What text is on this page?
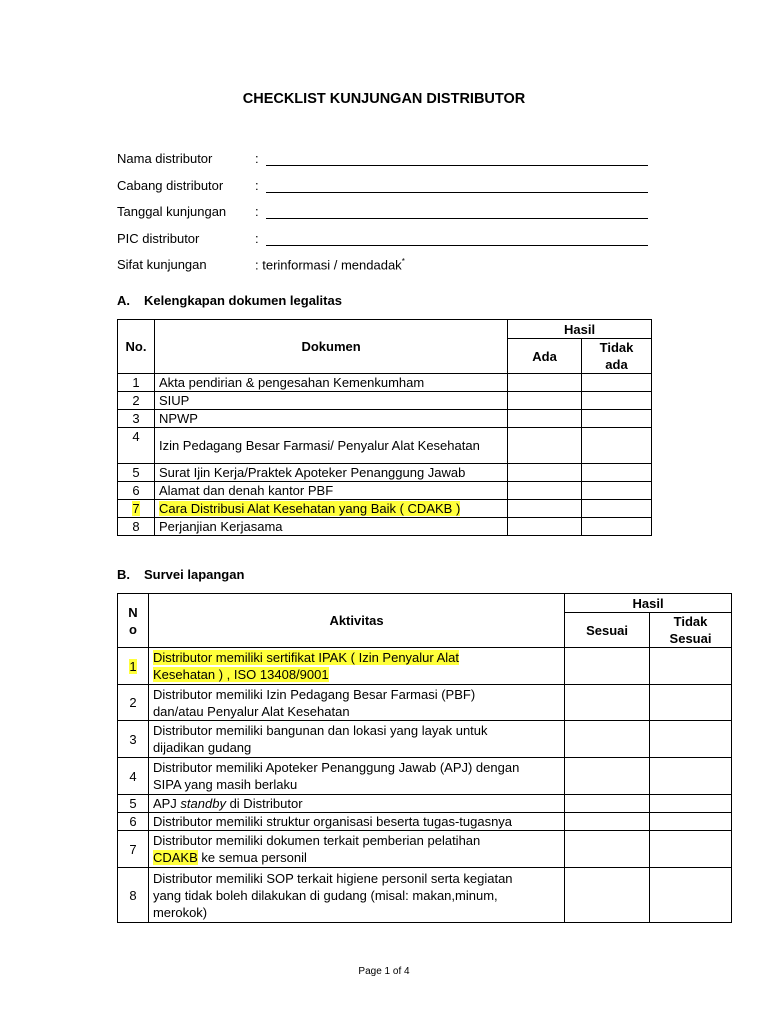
CHECKLIST KUNJUNGAN DISTRIBUTOR
Nama distributor	:
Cabang distributor :
Tanggal kunjungan :
PIC distributor	:
Sifat kunjungan	: terinformasi / mendadak*
A. Kelengkapan dokumen legalitas
No.	Dokumen	Hasil	
		Ada	Tidak ada
1	Akta pendirian & pengesahan Kemenkumham		
2	SIUP		
3	NPWP		
4	Izin Pedagang Besar Farmasi/ Penyalur Alat Kesehatan		
5	Surat Ijin Kerja/Praktek Apoteker Penanggung Jawab		
6	Alamat dan denah kantor PBF		
7	Cara Distribusi Alat Kesehatan yang Baik ( CDAKB )		
8	Perjanjian Kerjasama		
B. Survei lapangan
N
o	Aktivitas	Hasil	
		Sesuai	Tidak Sesuai
1	Distributor memiliki sertifikat IPAK ( Izin Penyalur Alat
Kesehatan ) , ISO 13408/9001		
2	Distributor memiliki Izin Pedagang Besar Farmasi (PBF)
dan/atau Penyalur Alat Kesehatan		
3	Distributor memiliki bangunan dan lokasi yang layak untuk
dijadikan gudang		
4	Distributor memiliki Apoteker Penanggung Jawab (APJ) dengan
SIPA yang masih berlaku		
5	APJ standby di Distributor		
6	Distributor memiliki struktur organisasi beserta tugas-tugasnya		
7	Distributor memiliki dokumen terkait pemberian pelatihan
CDAKB ke semua personil		
8	Distributor memiliki SOP terkait higiene personil serta kegiatan
yang tidak boleh dilakukan di gudang (misal: makan,minum,
merokok)		
Page 1 of 4
